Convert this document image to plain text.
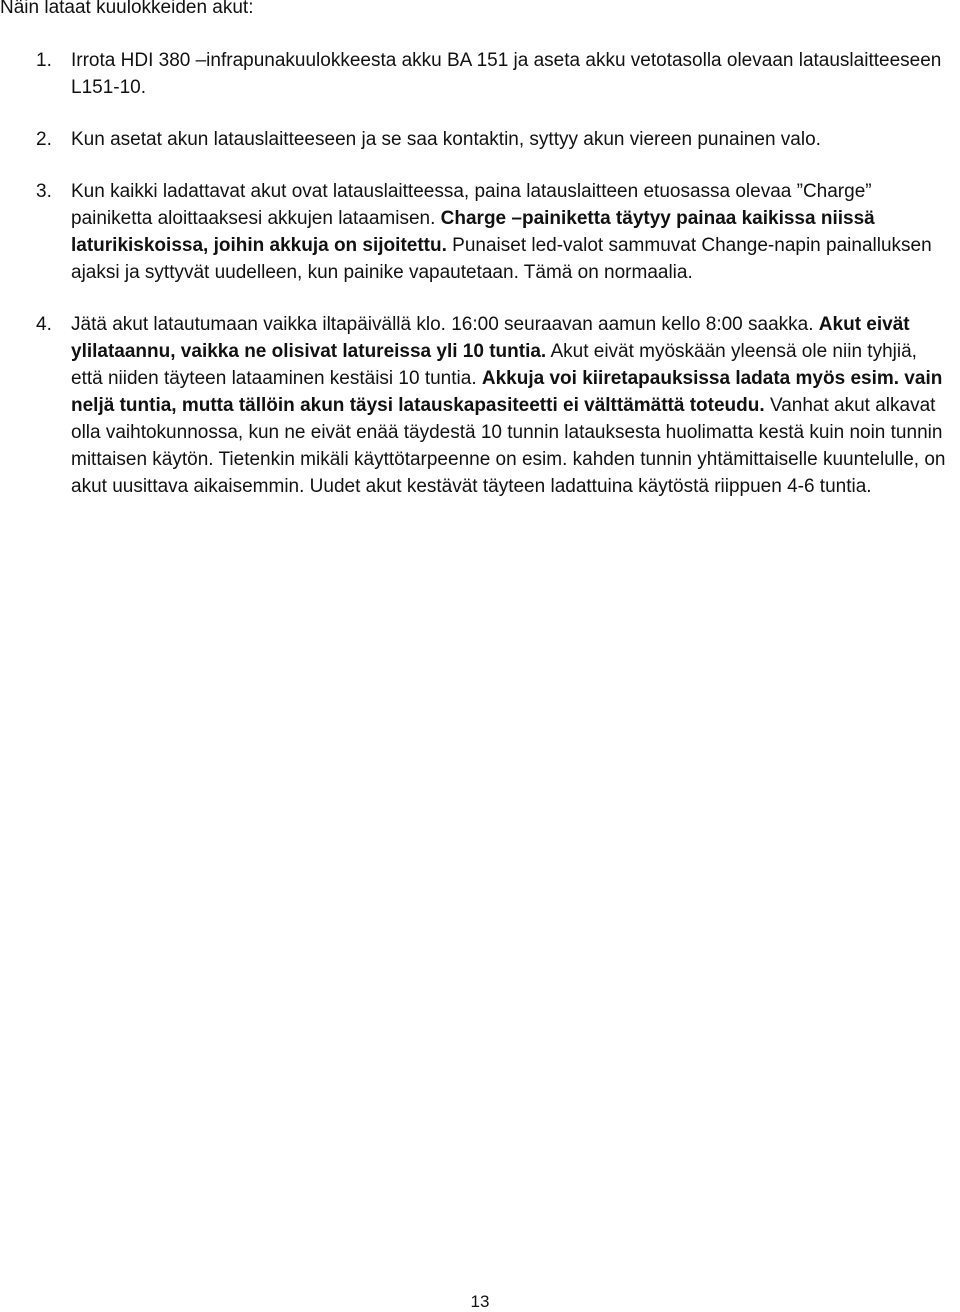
Näin lataat kuulokkeiden akut:
1.	Irrota HDI 380 –infrapunakuulokkeesta akku BA 151 ja aseta akku vetotasolla olevaan latauslaitteeseen L151-10.

2.	Kun asetat akun latauslaitteeseen ja se saa kontaktin, syttyy akun viereen punainen valo.

3.	Kun kaikki ladattavat akut ovat latauslaitteessa, paina latauslaitteen etuosassa olevaa ”Charge” painiketta aloittaaksesi akkujen lataamisen. Charge –painiketta täytyy painaa kaikissa niissä laturikiskoissa, joihin akkuja on sijoitettu. Punaiset led-valot sammuvat Change-napin painalluksen ajaksi ja syttyvät uudelleen, kun painike vapautetaan. Tämä on normaalia.

4.	Jätä akut latautumaan vaikka iltapäivällä klo. 16:00 seuraavan aamun kello 8:00 saakka. Akut eivät ylilataannu, vaikka ne olisivat latureissa yli 10 tuntia. Akut eivät myöskään yleensä ole niin tyhjiä, että niiden täyteen lataaminen kestäisi 10 tuntia. Akkuja voi kiiretapauksissa ladata myös esim. vain neljä tuntia, mutta tällöin akun täysi latauskapasiteetti ei välttämättä toteudu. Vanhat akut alkavat olla vaihtokunnossa, kun ne eivät enää täydestä 10 tunnin latauksesta huolimatta kestä kuin noin tunnin mittaisen käytön. Tietenkin mikäli käyttötarpeenne on esim. kahden tunnin yhtämittaiselle kuuntelulle, on akut uusittava aikaisemmin. Uudet akut kestävät täyteen ladattuina käytöstä riippuen 4-6 tuntia.

13
